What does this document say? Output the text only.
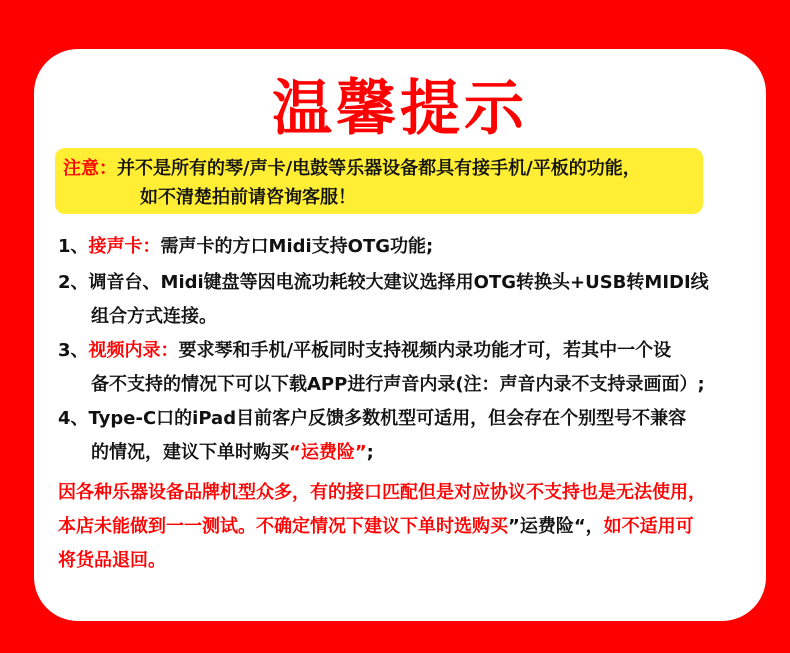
温馨提示
注意：并不是所有的琴/声卡/电鼓等乐器设备都具有接手机/平板的功能，
如不清楚拍前请咨询客服！
1、接声卡：需声卡的方口Midi支持OTG功能;
2、调音台、Midi键盘等因电流功耗较大建议选择用OTG转换头+USB转MIDI线
组合方式连接。
3、视频内录：要求琴和手机/平板同时支持视频内录功能才可，若其中一个设
备不支持的情况下可以下载APP进行声音内录(注：声音内录不支持录画面）;
4、Type-C口的iPad目前客户反馈多数机型可适用，但会存在个别型号不兼容
的情况，建议下单时购买“运费险”;
因各种乐器设备品牌机型众多，有的接口匹配但是对应协议不支持也是无法使用，
本店未能做到一一测试。不确定情况下建议下单时选购买”运费险“，如不适用可
将货品退回。
